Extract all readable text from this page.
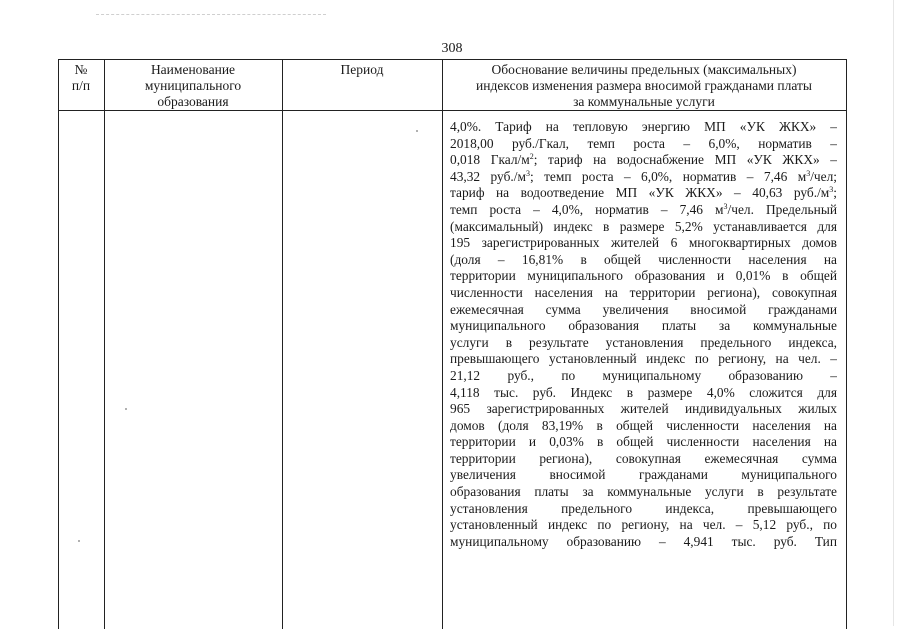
308
№
п/п
Наименование
муниципального
образования
Период	Обоснование величины предельных (максимальных)
индексов изменения размера вносимой гражданами платы
за коммунальные услуги
4,0%. Тариф на тепловую энергию МП «УК ЖКХ» –
2018,00 руб./Гкал, темп роста – 6,0%, норматив –
0,018 Гкал/$м^2$; тариф на водоснабжение МП «УК ЖКХ» –
43,32 $руб./м^3$; темп роста – 6,0%, норматив – 7,46 $м^3$/чел;
тариф на водоотведение МП «УК ЖКХ» – 40,63 $руб./м^3$;
темп роста – 4,0%, норматив – 7,46 $м^3$/чел. Предельный
(максимальный) индекс в размере 5,2% устанавливается для
195 зарегистрированных жителей 6 многоквартирных домов
(доля – 16,81% в общей численности населения на
территории муниципального образования и 0,01% в общей
численности населения на территории региона), совокупная
ежемесячная сумма увеличения вносимой гражданами
муниципального образования платы за коммунальные
услуги в результате установления предельного индекса,
превышающего установленный индекс по региону, на чел. –
21,12 руб., по муниципальному образованию –
4,118 тыс. руб. Индекс в размере 4,0% сложится для
965 зарегистрированных жителей индивидуальных жилых
домов (доля 83,19% в общей численности населения на
территории и 0,03% в общей численности населения на
территории региона), совокупная ежемесячная сумма
увеличения вносимой гражданами муниципального
образования платы за коммунальные услуги в результате
установления предельного индекса, превышающего
установленный индекс по региону, на чел. – 5,12 руб., по
муниципальному образованию – 4,941 тыс. руб. Тип
